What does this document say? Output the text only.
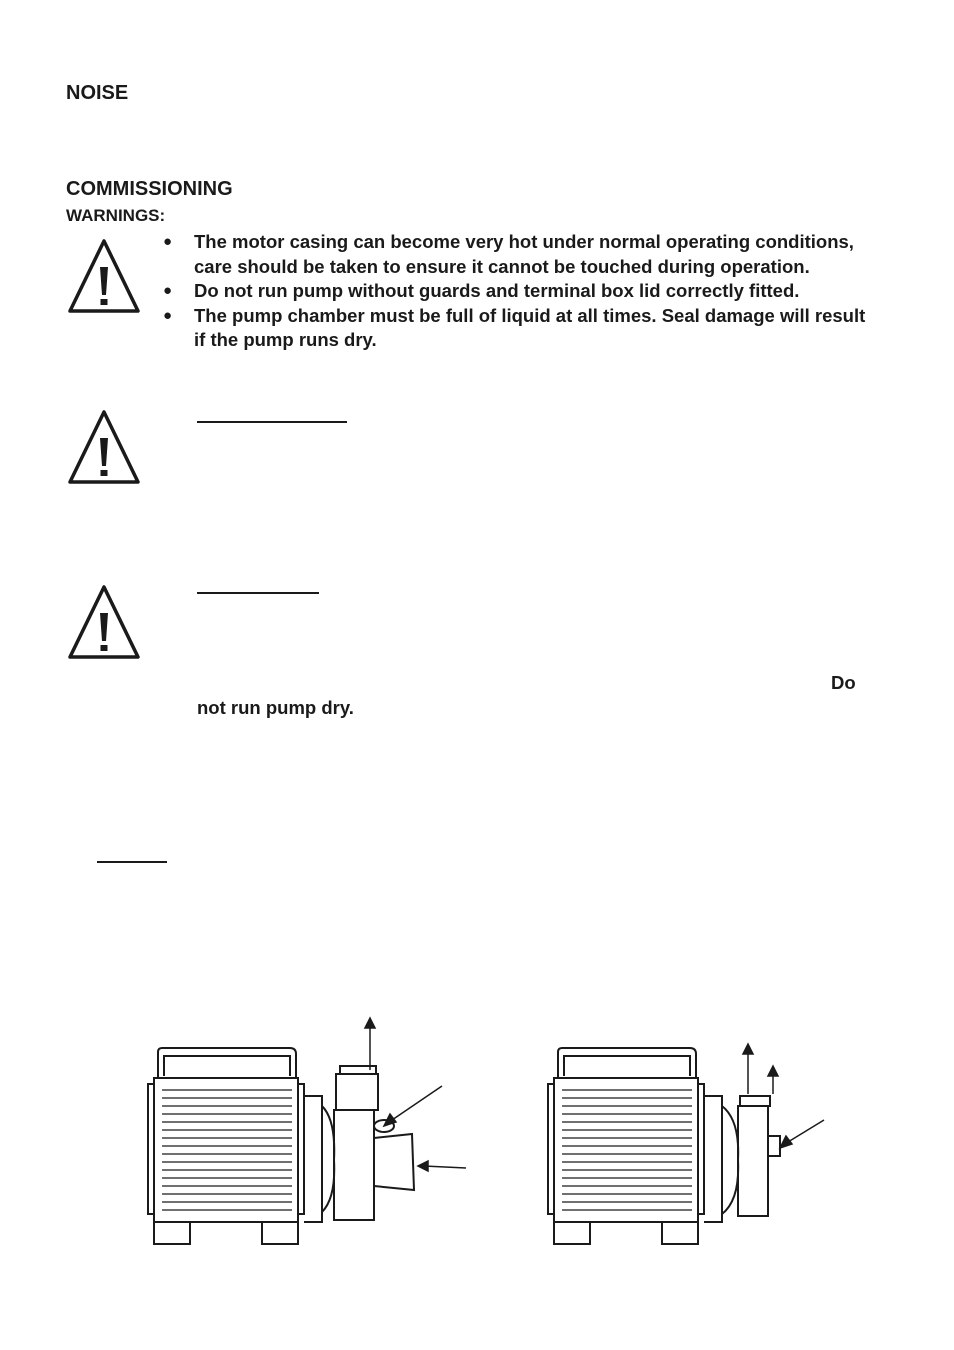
NOISE
COMMISSIONING
WARNINGS:
● The motor casing can become very hot under normal operating conditions, care should be taken to ensure it cannot be touched during operation.
● Do not run pump without guards and terminal box lid correctly fitted.
● The pump chamber must be full of liquid at all times. Seal damage will result if the pump runs dry.
Do
not run pump dry.
